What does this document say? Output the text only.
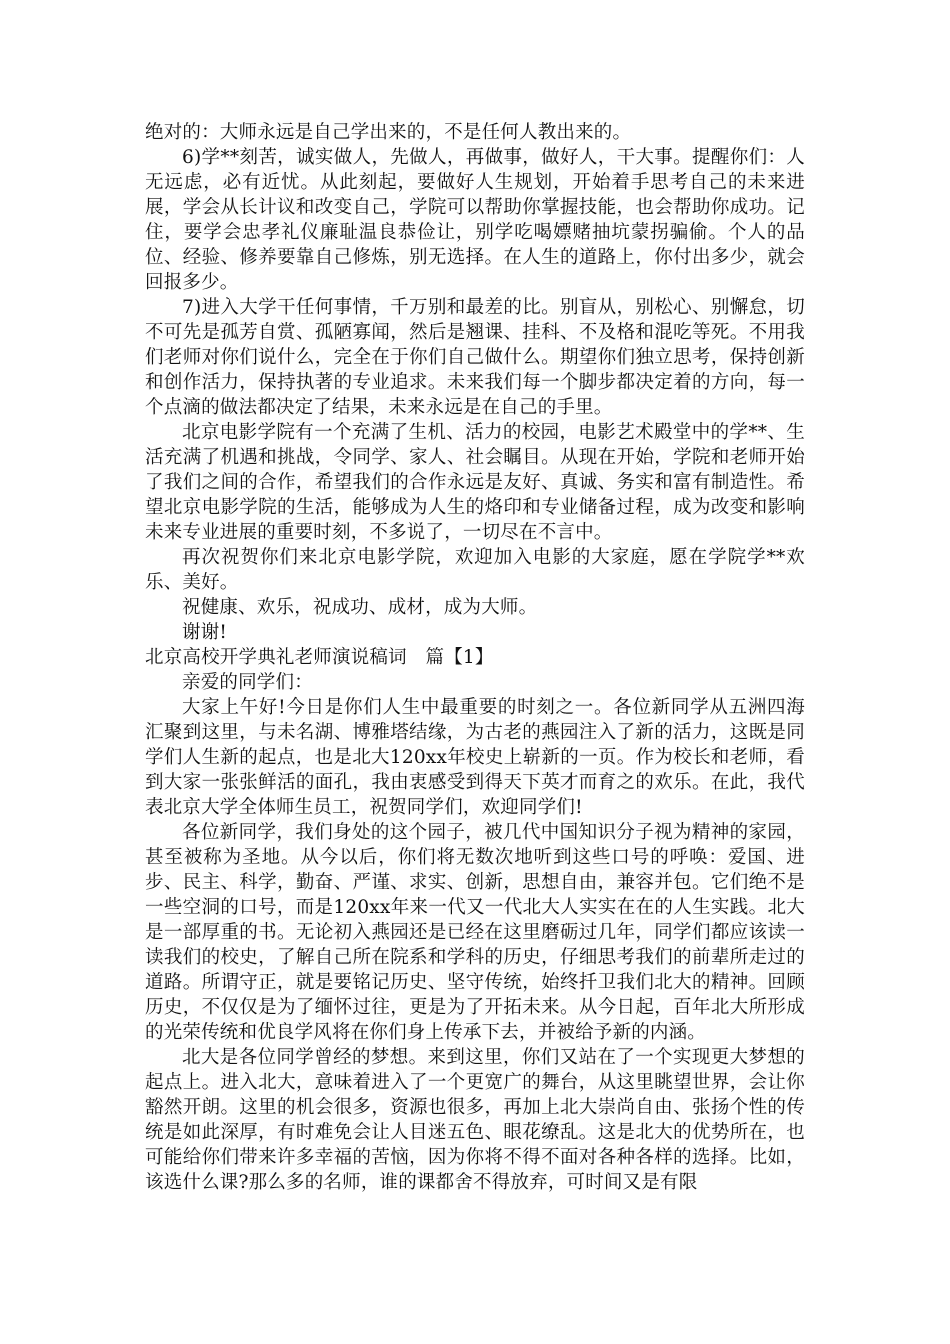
绝对的：大师永远是自己学出来的，不是任何人教出来的。

6)学**刻苦，诚实做人，先做人，再做事，做好人，干大事。提醒你们：人无远虑，必有近忧。从此刻起，要做好人生规划，开始着手思考自己的未来进展，学会从长计议和改变自己，学院可以帮助你掌握技能，也会帮助你成功。记住，要学会忠孝礼仪廉耻温良恭俭让，别学吃喝嫖赌抽坑蒙拐骗偷。个人的品位、经验、修养要靠自己修炼，别无选择。在人生的道路上，你付出多少，就会回报多少。

7)进入大学干任何事情，千万别和最差的比。别盲从，别松心、别懈怠，切不可先是孤芳自赏、孤陋寡闻，然后是翘课、挂科、不及格和混吃等死。不用我们老师对你们说什么，完全在于你们自己做什么。期望你们独立思考，保持创新和创作活力，保持执著的专业追求。未来我们每一个脚步都决定着的方向，每一个点滴的做法都决定了结果，未来永远是在自己的手里。

北京电影学院有一个充满了生机、活力的校园，电影艺术殿堂中的学**、生活充满了机遇和挑战，令同学、家人、社会瞩目。从现在开始，学院和老师开始了我们之间的合作，希望我们的合作永远是友好、真诚、务实和富有制造性。希望北京电影学院的生活，能够成为人生的烙印和专业储备过程，成为改变和影响未来专业进展的重要时刻，不多说了，一切尽在不言中。

再次祝贺你们来北京电影学院，欢迎加入电影的大家庭，愿在学院学**欢乐、美好。

祝健康、欢乐，祝成功、成材，成为大师。

谢谢!

北京高校开学典礼老师演说稿词　篇【1】

亲爱的同学们：

大家上午好!今日是你们人生中最重要的时刻之一。各位新同学从五洲四海汇聚到这里，与未名湖、博雅塔结缘，为古老的燕园注入了新的活力，这既是同学们人生新的起点，也是北大120xx年校史上崭新的一页。作为校长和老师，看到大家一张张鲜活的面孔，我由衷感受到得天下英才而育之的欢乐。在此，我代表北京大学全体师生员工，祝贺同学们，欢迎同学们!

各位新同学，我们身处的这个园子，被几代中国知识分子视为精神的家园，甚至被称为圣地。从今以后，你们将无数次地听到这些口号的呼唤：爱国、进步、民主、科学，勤奋、严谨、求实、创新，思想自由，兼容并包。它们绝不是一些空洞的口号，而是120xx年来一代又一代北大人实实在在的人生实践。北大是一部厚重的书。无论初入燕园还是已经在这里磨砺过几年，同学们都应该读一读我们的校史，了解自己所在院系和学科的历史，仔细思考我们的前辈所走过的道路。所谓守正，就是要铭记历史、坚守传统，始终扦卫我们北大的精神。回顾历史，不仅仅是为了缅怀过往，更是为了开拓未来。从今日起，百年北大所形成的光荣传统和优良学风将在你们身上传承下去，并被给予新的内涵。

北大是各位同学曾经的梦想。来到这里，你们又站在了一个实现更大梦想的起点上。进入北大，意味着进入了一个更宽广的舞台，从这里眺望世界，会让你豁然开朗。这里的机会很多，资源也很多，再加上北大崇尚自由、张扬个性的传统是如此深厚，有时难免会让人目迷五色、眼花缭乱。这是北大的优势所在，也可能给你们带来许多幸福的苦恼，因为你将不得不面对各种各样的选择。比如，该选什么课?那么多的名师，谁的课都舍不得放弃，可时间又是有限
